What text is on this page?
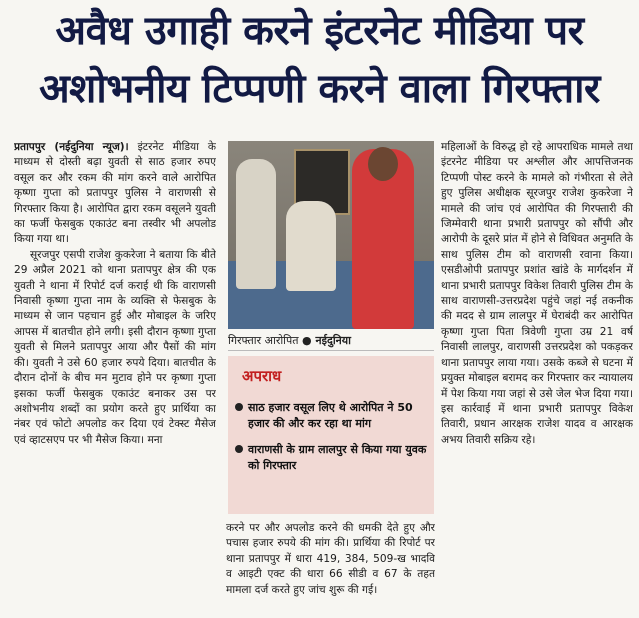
अवैध उगाही करने इंटरनेट मीडिया पर
अशोभनीय टिप्पणी करने वाला गिरफ्तार

प्रतापपुर (नईदुनिया न्यूज)। इंटरनेट मीडिया के माध्यम से दोस्ती बढ़ा युवती से साठ हजार रुपए वसूल कर और रकम की मांग करने वाले आरोपित कृष्णा गुप्ता को प्रतापपुर पुलिस ने वाराणसी से गिरफ्तार किया है। आरोपित द्वारा रकम वसूलने युवती का फर्जी फेसबुक एकाउंट बना तस्वीर भी अपलोड किया गया था।

सूरजपुर एसपी राजेश कुकरेजा ने बताया कि बीते 29 अप्रैल 2021 को थाना प्रतापपुर क्षेत्र की एक युवती ने थाना में रिपोर्ट दर्ज कराई थी कि वाराणसी निवासी कृष्णा गुप्ता नाम के व्यक्ति से फेसबुक के माध्यम से जान पहचान हुई और मोबाइल के जरिए आपस में बातचीत होने लगी। इसी दौरान कृष्णा गुप्ता युवती से मिलने प्रतापपुर आया और पैसों की मांग की। युवती ने उसे 60 हजार रुपये दिया। बातचीत के दौरान दोनों के बीच मन मुटाव होने पर कृष्णा गुप्ता इसका फर्जी फेसबुक एकाउंट बनाकर उस पर अशोभनीय शब्दों का प्रयोग करते हुए प्रार्थिया का नंबर एवं फोटो अपलोड कर दिया एवं टेक्स्ट मैसेज एवं व्हाटसएप पर भी मैसेज किया। मना

गिरफ्तार आरोपित ● नईदुनिया
अपराध
साठ हजार वसूल लिए थे आरोपित ने 50 हजार की और कर रहा था मांग
वाराणसी के ग्राम लालपुर से किया गया युवक को गिरफ्तार

करने पर और अपलोड करने की धमकी देते हुए और पचास हजार रुपये की मांग की। प्रार्थिया की रिपोर्ट पर थाना प्रतापपुर में धारा 419, 384, 509-ख भादवि व आइटी एक्ट की धारा 66 सीडी व 67 के तहत मामला दर्ज करते हुए जांच शुरू की गई।

महिलाओं के विरुद्ध हो रहे आपराधिक मामले तथा इंटरनेट मीडिया पर अश्लील और आपत्तिजनक टिप्पणी पोस्ट करने के मामले को गंभीरता से लेते हुए पुलिस अधीक्षक सूरजपुर राजेश कुकरेजा ने मामले की जांच एवं आरोपित की गिरफ्तारी की जिम्मेवारी थाना प्रभारी प्रतापपुर को सौंपी और आरोपी के दूसरे प्रांत में होने से विधिवत अनुमति के साथ पुलिस टीम को वाराणसी रवाना किया। एसडीओपी प्रतापपुर प्रशांत खांडे के मार्गदर्शन में थाना प्रभारी प्रतापपुर विकेश तिवारी पुलिस टीम के साथ वाराणसी-उत्तरप्रदेश पहुंचे जहां नई तकनीक की मदद से ग्राम लालपुर में घेराबंदी कर आरोपित कृष्णा गुप्ता पिता त्रिवेणी गुप्ता उम्र 21 वर्ष निवासी लालपुर, वाराणसी उत्तरप्रदेश को पकड़कर थाना प्रतापपुर लाया गया। उसके कब्जे से घटना में प्रयुक्त मोबाइल बरामद कर गिरफ्तार कर न्यायालय में पेश किया गया जहां से उसे जेल भेज दिया गया। इस कार्रवाई में थाना प्रभारी प्रतापपुर विकेश तिवारी, प्रधान आरक्षक राजेश यादव व आरक्षक अभय तिवारी सक्रिय रहे।
